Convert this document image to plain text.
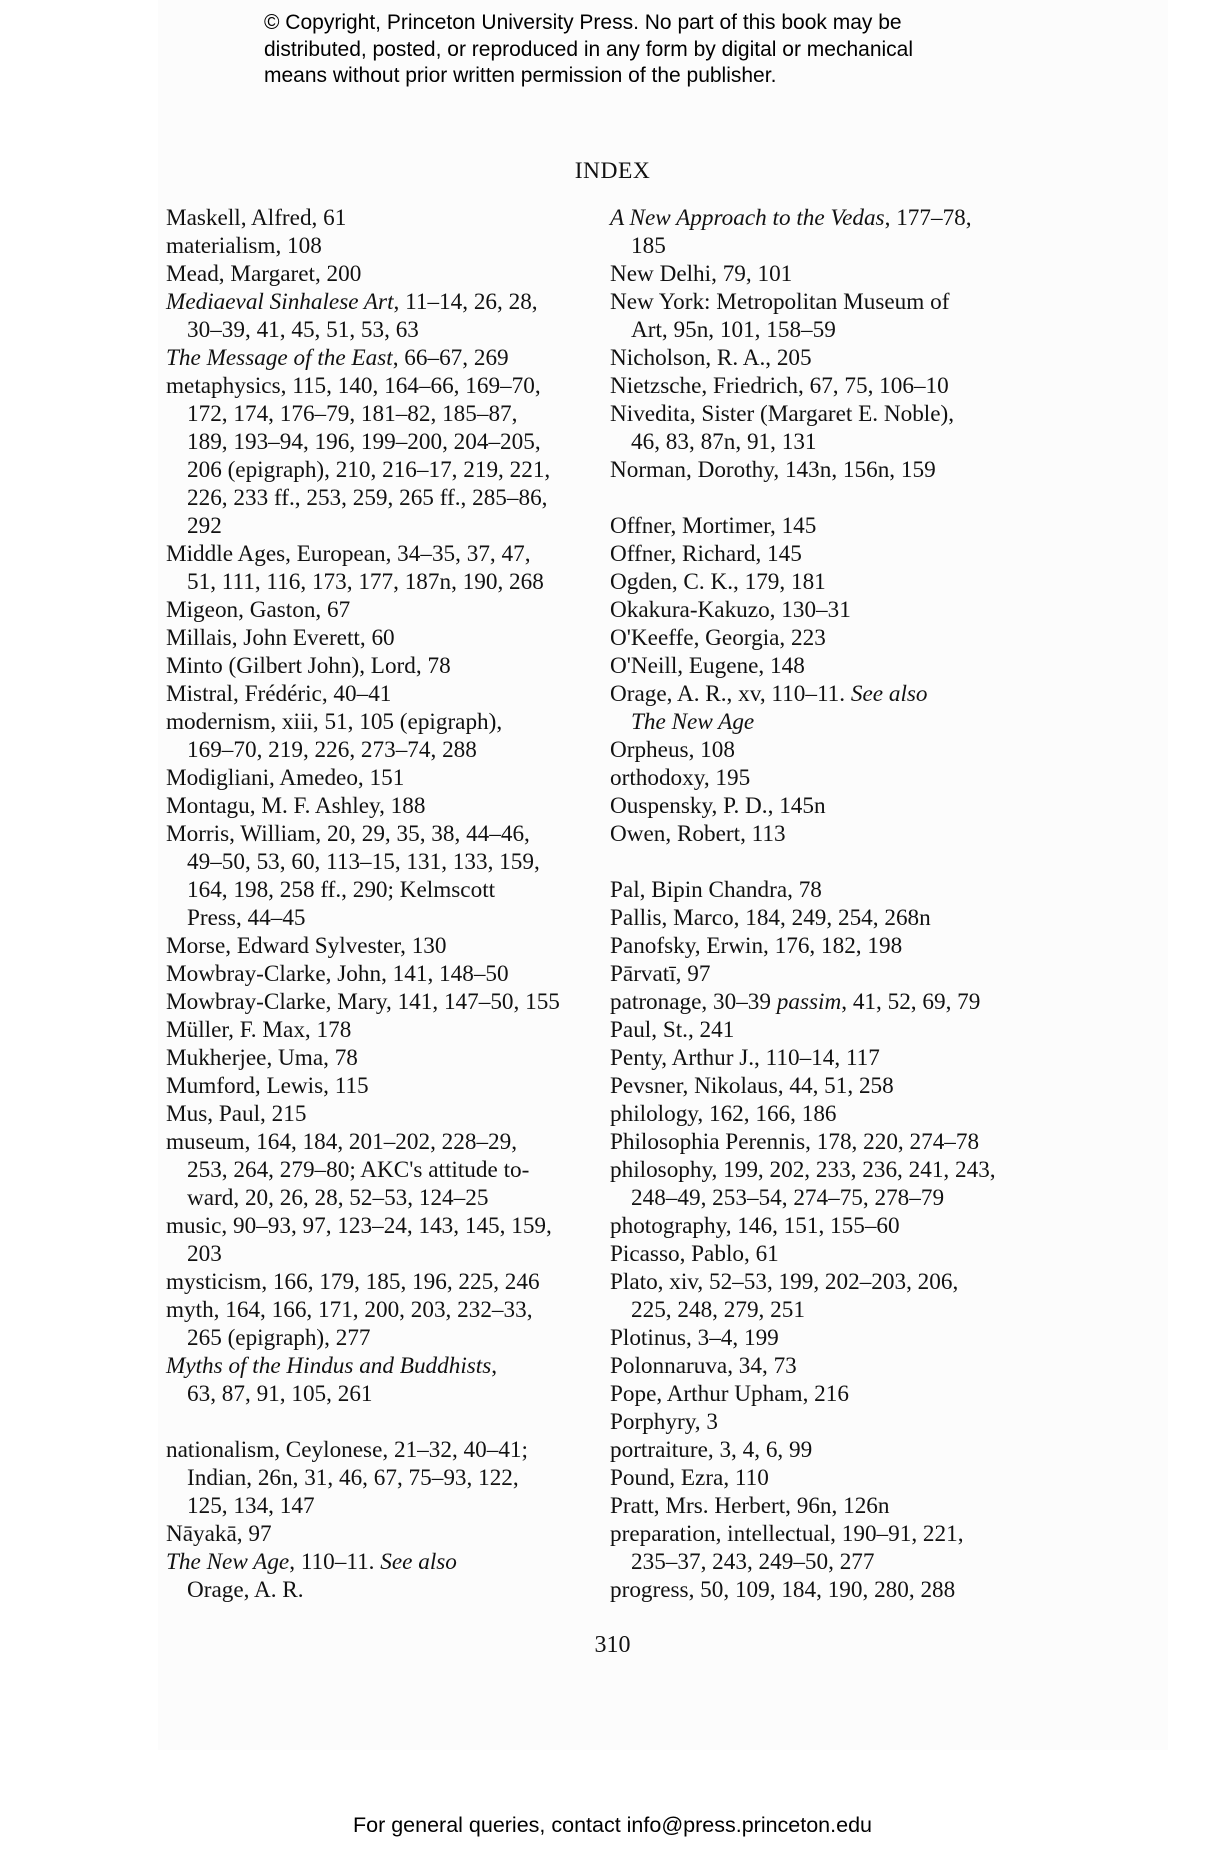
© Copyright, Princeton University Press. No part of this book may be
distributed, posted, or reproduced in any form by digital or mechanical
means without prior written permission of the publisher.
INDEX
Maskell, Alfred, 61
materialism, 108
Mead, Margaret, 200
Mediaeval Sinhalese Art, 11–14, 26, 28,
30–39, 41, 45, 51, 53, 63
The Message of the East, 66–67, 269
metaphysics, 115, 140, 164–66, 169–70,
172, 174, 176–79, 181–82, 185–87,
189, 193–94, 196, 199–200, 204–205,
206 (epigraph), 210, 216–17, 219, 221,
226, 233 ff., 253, 259, 265 ff., 285–86,
292
Middle Ages, European, 34–35, 37, 47,
51, 111, 116, 173, 177, 187n, 190, 268
Migeon, Gaston, 67
Millais, John Everett, 60
Minto (Gilbert John), Lord, 78
Mistral, Frédéric, 40–41
modernism, xiii, 51, 105 (epigraph),
169–70, 219, 226, 273–74, 288
Modigliani, Amedeo, 151
Montagu, M. F. Ashley, 188
Morris, William, 20, 29, 35, 38, 44–46,
49–50, 53, 60, 113–15, 131, 133, 159,
164, 198, 258 ff., 290; Kelmscott
Press, 44–45
Morse, Edward Sylvester, 130
Mowbray-Clarke, John, 141, 148–50
Mowbray-Clarke, Mary, 141, 147–50, 155
Müller, F. Max, 178
Mukherjee, Uma, 78
Mumford, Lewis, 115
Mus, Paul, 215
museum, 164, 184, 201–202, 228–29,
253, 264, 279–80; AKC's attitude to-
ward, 20, 26, 28, 52–53, 124–25
music, 90–93, 97, 123–24, 143, 145, 159,
203
mysticism, 166, 179, 185, 196, 225, 246
myth, 164, 166, 171, 200, 203, 232–33,
265 (epigraph), 277
Myths of the Hindus and Buddhists,
63, 87, 91, 105, 261
nationalism, Ceylonese, 21–32, 40–41;
Indian, 26n, 31, 46, 67, 75–93, 122,
125, 134, 147
Nāyakā, 97
The New Age, 110–11. See also
Orage, A. R.
A New Approach to the Vedas, 177–78,
185
New Delhi, 79, 101
New York: Metropolitan Museum of
Art, 95n, 101, 158–59
Nicholson, R. A., 205
Nietzsche, Friedrich, 67, 75, 106–10
Nivedita, Sister (Margaret E. Noble),
46, 83, 87n, 91, 131
Norman, Dorothy, 143n, 156n, 159
Offner, Mortimer, 145
Offner, Richard, 145
Ogden, C. K., 179, 181
Okakura-Kakuzo, 130–31
O'Keeffe, Georgia, 223
O'Neill, Eugene, 148
Orage, A. R., xv, 110–11. See also
The New Age
Orpheus, 108
orthodoxy, 195
Ouspensky, P. D., 145n
Owen, Robert, 113
Pal, Bipin Chandra, 78
Pallis, Marco, 184, 249, 254, 268n
Panofsky, Erwin, 176, 182, 198
Pārvatī, 97
patronage, 30–39 passim, 41, 52, 69, 79
Paul, St., 241
Penty, Arthur J., 110–14, 117
Pevsner, Nikolaus, 44, 51, 258
philology, 162, 166, 186
Philosophia Perennis, 178, 220, 274–78
philosophy, 199, 202, 233, 236, 241, 243,
248–49, 253–54, 274–75, 278–79
photography, 146, 151, 155–60
Picasso, Pablo, 61
Plato, xiv, 52–53, 199, 202–203, 206,
225, 248, 279, 251
Plotinus, 3–4, 199
Polonnaruva, 34, 73
Pope, Arthur Upham, 216
Porphyry, 3
portraiture, 3, 4, 6, 99
Pound, Ezra, 110
Pratt, Mrs. Herbert, 96n, 126n
preparation, intellectual, 190–91, 221,
235–37, 243, 249–50, 277
progress, 50, 109, 184, 190, 280, 288
310
For general queries, contact info@press.princeton.edu
